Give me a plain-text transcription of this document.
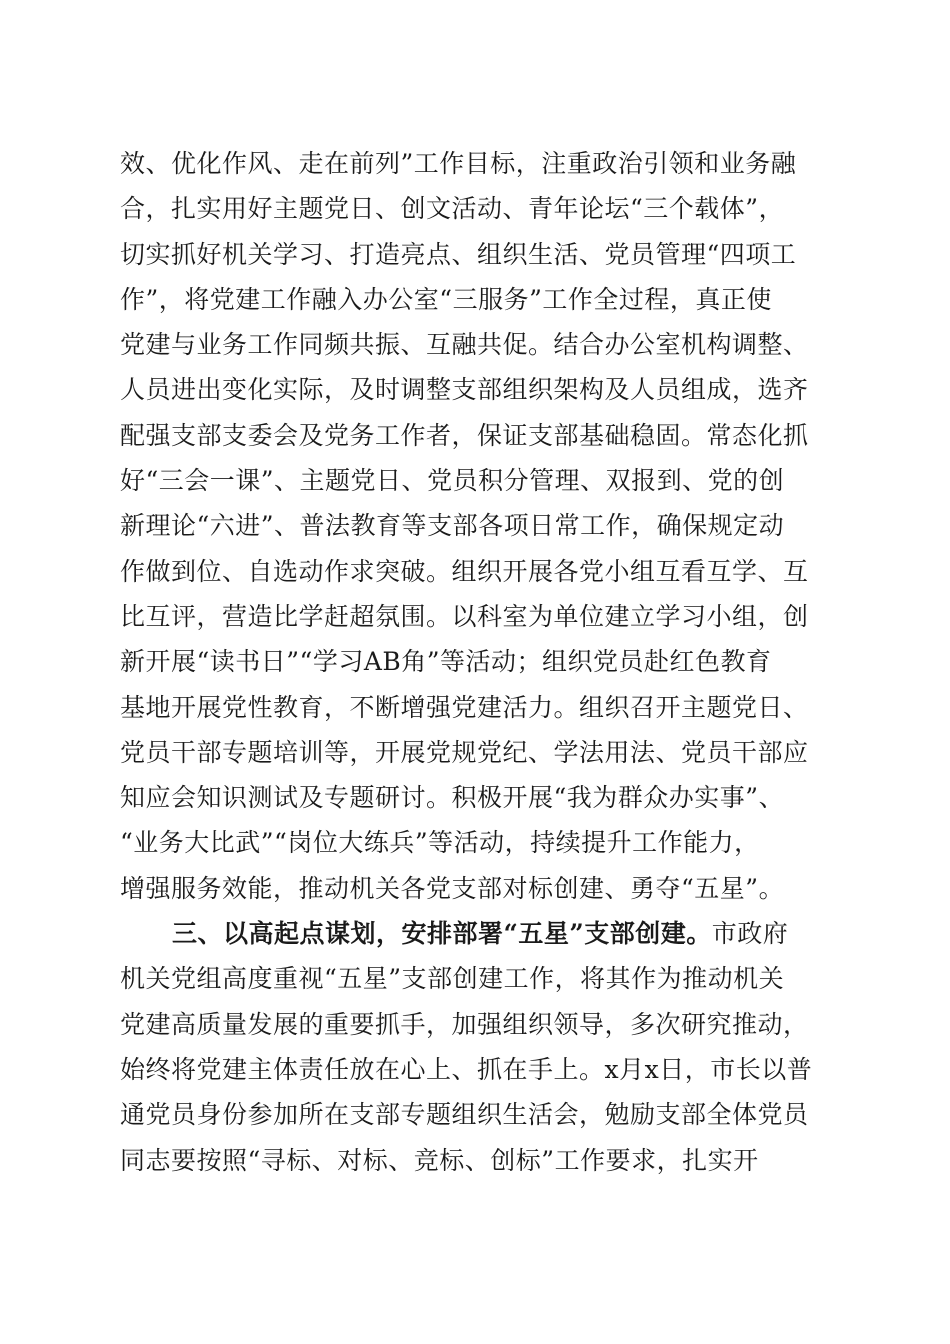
效、优化作风、走在前列”工作目标，注重政治引领和业务融
合，扎实用好主题党日、创文活动、青年论坛“三个载体”，
切实抓好机关学习、打造亮点、组织生活、党员管理“四项工
作”，将党建工作融入办公室“三服务”工作全过程，真正使
党建与业务工作同频共振、互融共促。结合办公室机构调整、
人员进出变化实际，及时调整支部组织架构及人员组成，选齐
配强支部支委会及党务工作者，保证支部基础稳固。常态化抓
好“三会一课”、主题党日、党员积分管理、双报到、党的创
新理论“六进”、普法教育等支部各项日常工作，确保规定动
作做到位、自选动作求突破。组织开展各党小组互看互学、互
比互评，营造比学赶超氛围。以科室为单位建立学习小组，创
新开展“读书日”“学习AB角”等活动；组织党员赴红色教育
基地开展党性教育，不断增强党建活力。组织召开主题党日、
党员干部专题培训等，开展党规党纪、学法用法、党员干部应
知应会知识测试及专题研讨。积极开展“我为群众办实事”、
“业务大比武”“岗位大练兵”等活动，持续提升工作能力，
增强服务效能，推动机关各党支部对标创建、勇夺“五星”。
三、以高起点谋划，安排部署“五星”支部创建。市政府
机关党组高度重视“五星”支部创建工作，将其作为推动机关
党建高质量发展的重要抓手，加强组织领导，多次研究推动，
始终将党建主体责任放在心上、抓在手上。x月x日，市长以普
通党员身份参加所在支部专题组织生活会，勉励支部全体党员
同志要按照“寻标、对标、竞标、创标”工作要求，扎实开
